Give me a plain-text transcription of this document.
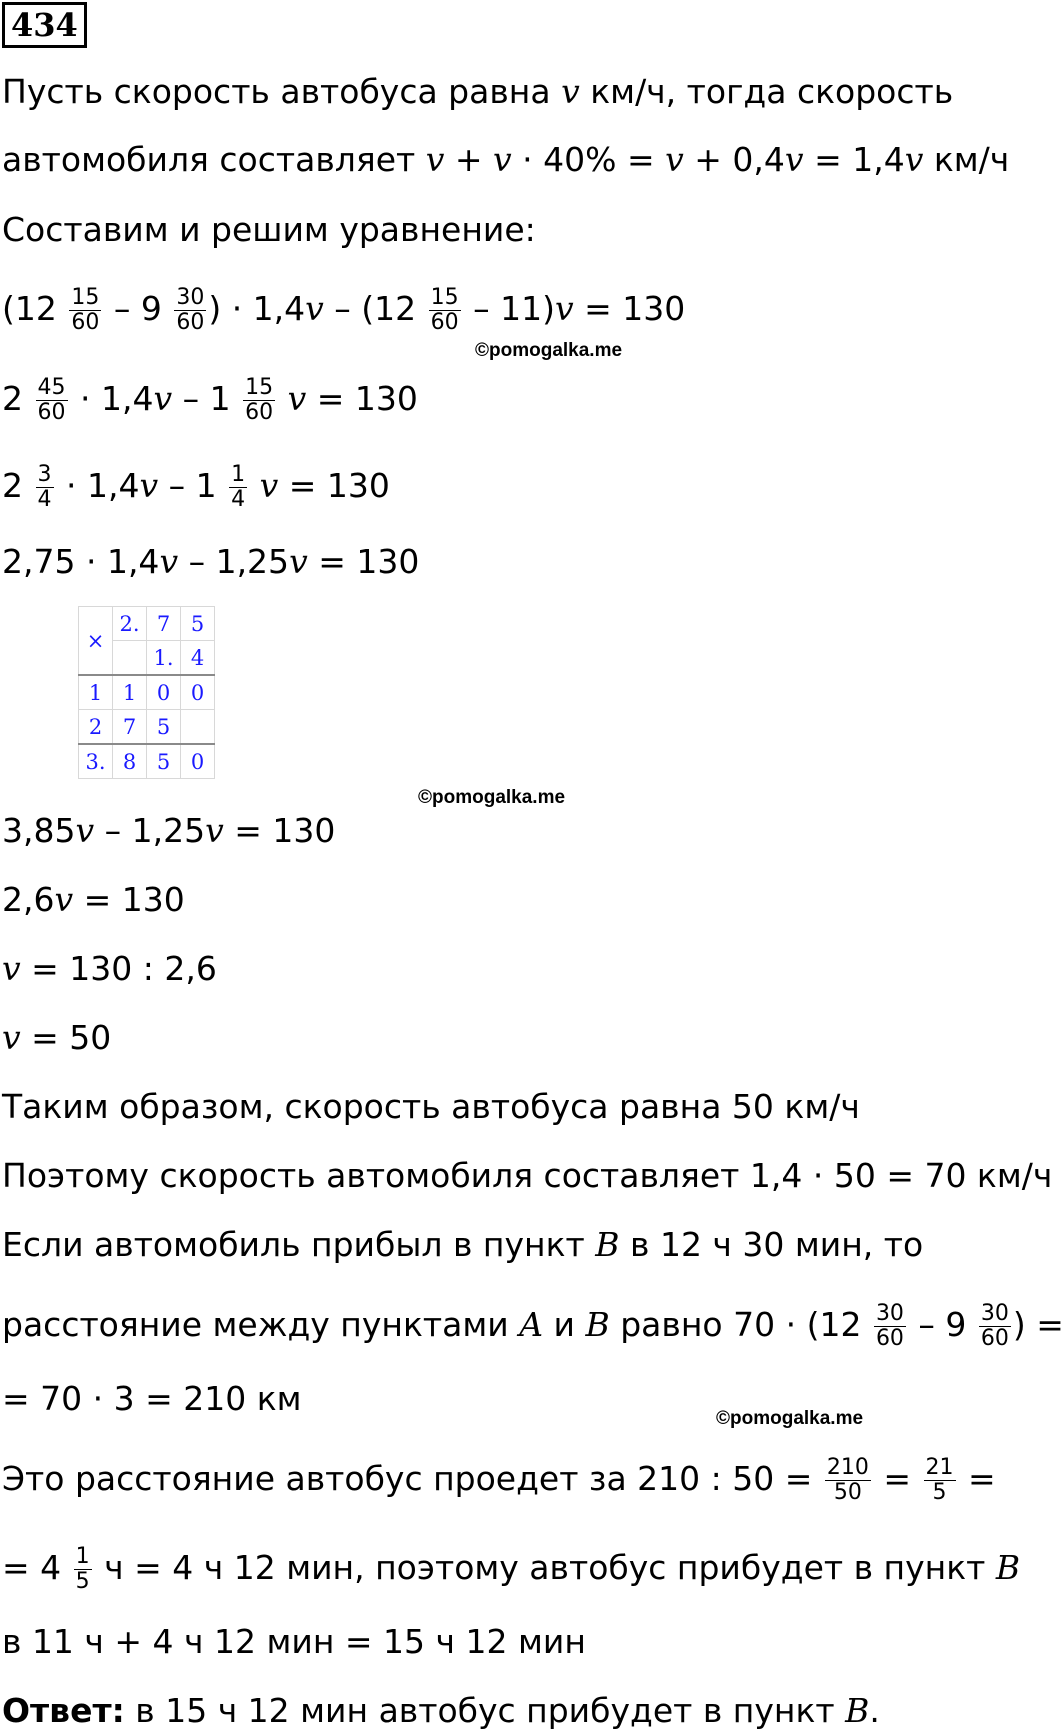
434
Пусть скорость автобуса равна v км/ч, тогда скорость
автомобиля составляет v + v · 40% = v + 0,4v = 1,4v км/ч
Составим и решим уравнение:
($12 \frac{15}{60} - 9 \frac{30}{60}$ ) · $1,4v - (12 \frac{15}{60} - 11)v = 130$
©pomogalka.me
$2 \frac{45}{60} \cdot 1,4v - 1 \frac{15}{60}$ v = 130
$2 \frac{3}{4} \cdot 1,4v - 1 \frac{1}{4}$ v = 130
2,75 · 1,4v – 1,25v = 130
×	2.	7	5
		1.	4
1	1	0	0
2	7	5	
3.	8	5	0
©pomogalka.me
3,85v – 1,25v = 130
2,6v = 130
v = 130 : 2,6
v = 50
Таким образом, скорость автобуса равна 50 км/ч
Поэтому скорость автомобиля составляет 1,4 · 50 = 70 км/ч
Если автомобиль прибыл в пункт B в 12 ч 30 мин, то
расстояние между пунктами A и B равно $70 \cdot (12 \frac{30}{60} - 9 \frac{30}{60}$ ) =
= 70 · 3 = 210 км
©pomogalka.me
Это расстояние автобус проедет за 210 : $50 = \frac{210}{50} = \frac{21}{5}$ =
= $4 \frac{1}{5}$ ч = 4 ч 12 мин, поэтому автобус прибудет в пункт B
в 11 ч + 4 ч 12 мин = 15 ч 12 мин
Ответ: в 15 ч 12 мин автобус прибудет в пункт B.
